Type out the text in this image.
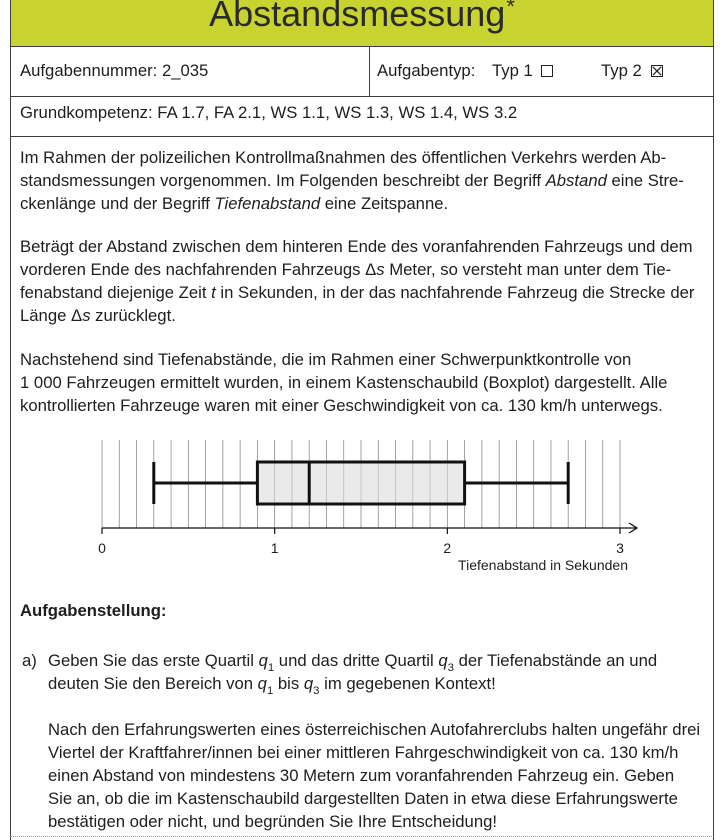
Abstandsmessung*
Aufgabennummer: 2_035	Aufgabentyp: Typ 1	Typ 2
Grundkompetenz: FA 1.7, FA 2.1, WS 1.1, WS 1.3, WS 1.4, WS 3.2
Im Rahmen der polizeilichen Kontrollmaßnahmen des öffentlichen Verkehrs werden Ab-
standsmessungen vorgenommen. Im Folgenden beschreibt der Begriff Abstand eine Stre-
ckenlänge und der Begriff Tiefenabstand eine Zeitspanne.
Beträgt der Abstand zwischen dem hinteren Ende des voranfahrenden Fahrzeugs und dem
vorderen Ende des nachfahrenden Fahrzeugs Δs Meter, so versteht man unter dem Tie-
fenabstand diejenige Zeit t in Sekunden, in der das nachfahrende Fahrzeug die Strecke der
Länge Δs zurücklegt.
Nachstehend sind Tiefenabstände, die im Rahmen einer Schwerpunktkontrolle von
1 000 Fahrzeugen ermittelt wurden, in einem Kastenschaubild (Boxplot) dargestellt. Alle
kontrollierten Fahrzeuge waren mit einer Geschwindigkeit von ca. 130 km/h unterwegs.
Tiefenabstand in Sekunden
0	1	2	3
Aufgabenstellung:
a) Geben Sie das erste Quartil $q_1$ und das dritte Quartil $q_3$ der Tiefenabstände an und
deuten Sie den Bereich von $q_1$ bis $q_3$ im gegebenen Kontext!
Nach den Erfahrungswerten eines österreichischen Autofahrerclubs halten ungefähr drei
Viertel der Kraftfahrer/innen bei einer mittleren Fahrgeschwindigkeit von ca. 130 km/h
einen Abstand von mindestens 30 Metern zum voranfahrenden Fahrzeug ein. Geben
Sie an, ob die im Kastenschaubild dargestellten Daten in etwa diese Erfahrungswerte
bestätigen oder nicht, und begründen Sie Ihre Entscheidung!
